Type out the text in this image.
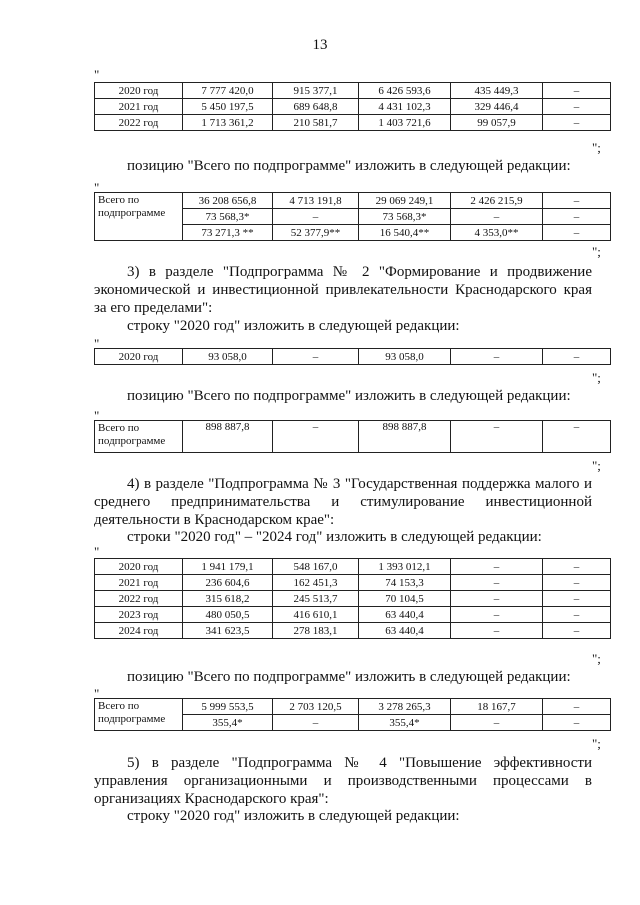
13
"
2020 год	7 777 420,0	915 377,1	6 426 593,6	435 449,3	–
2021 год	5 450 197,5	689 648,8	4 431 102,3	329 446,4	–
2022 год	1 713 361,2	210 581,7	1 403 721,6	99 057,9	–
";
позицию "Всего по подпрограмме" изложить в следующей редакции:
"
Всего по подпрограмме	36 208 656,8	4 713 191,8	29 069 249,1	2 426 215,9	–
	73 568,3*	–	73 568,3*	–	–
	73 271,3 **	52 377,9**	16 540,4**	4 353,0**	–
";
3) в разделе "Подпрограмма № 2 "Формирование и продвижение экономической и инвестиционной привлекательности Краснодарского края за его пределами":
строку "2020 год" изложить в следующей редакции:
"
2020 год	93 058,0	–	93 058,0	–	–
";
позицию "Всего по подпрограмме" изложить в следующей редакции:
"
Всего по подпрограмме	898 887,8	–	898 887,8	–	–
";
4) в разделе "Подпрограмма № 3 "Государственная поддержка малого и среднего предпринимательства и стимулирование инвестиционной деятельности в Краснодарском крае":
строки "2020 год" – "2024 год" изложить в следующей редакции:
"
2020 год	1 941 179,1	548 167,0	1 393 012,1	–	–
2021 год	236 604,6	162 451,3	74 153,3	–	–
2022 год	315 618,2	245 513,7	70 104,5	–	–
2023 год	480 050,5	416 610,1	63 440,4	–	–
2024 год	341 623,5	278 183,1	63 440,4	–	–
";
позицию "Всего по подпрограмме" изложить в следующей редакции:
"
Всего по подпрограмме	5 999 553,5	2 703 120,5	3 278 265,3	18 167,7	–
	355,4*	–	355,4*	–	–
";
5) в разделе "Подпрограмма № 4 "Повышение эффективности управления организационными и производственными процессами в организациях Краснодарского края":
строку "2020 год" изложить в следующей редакции:
